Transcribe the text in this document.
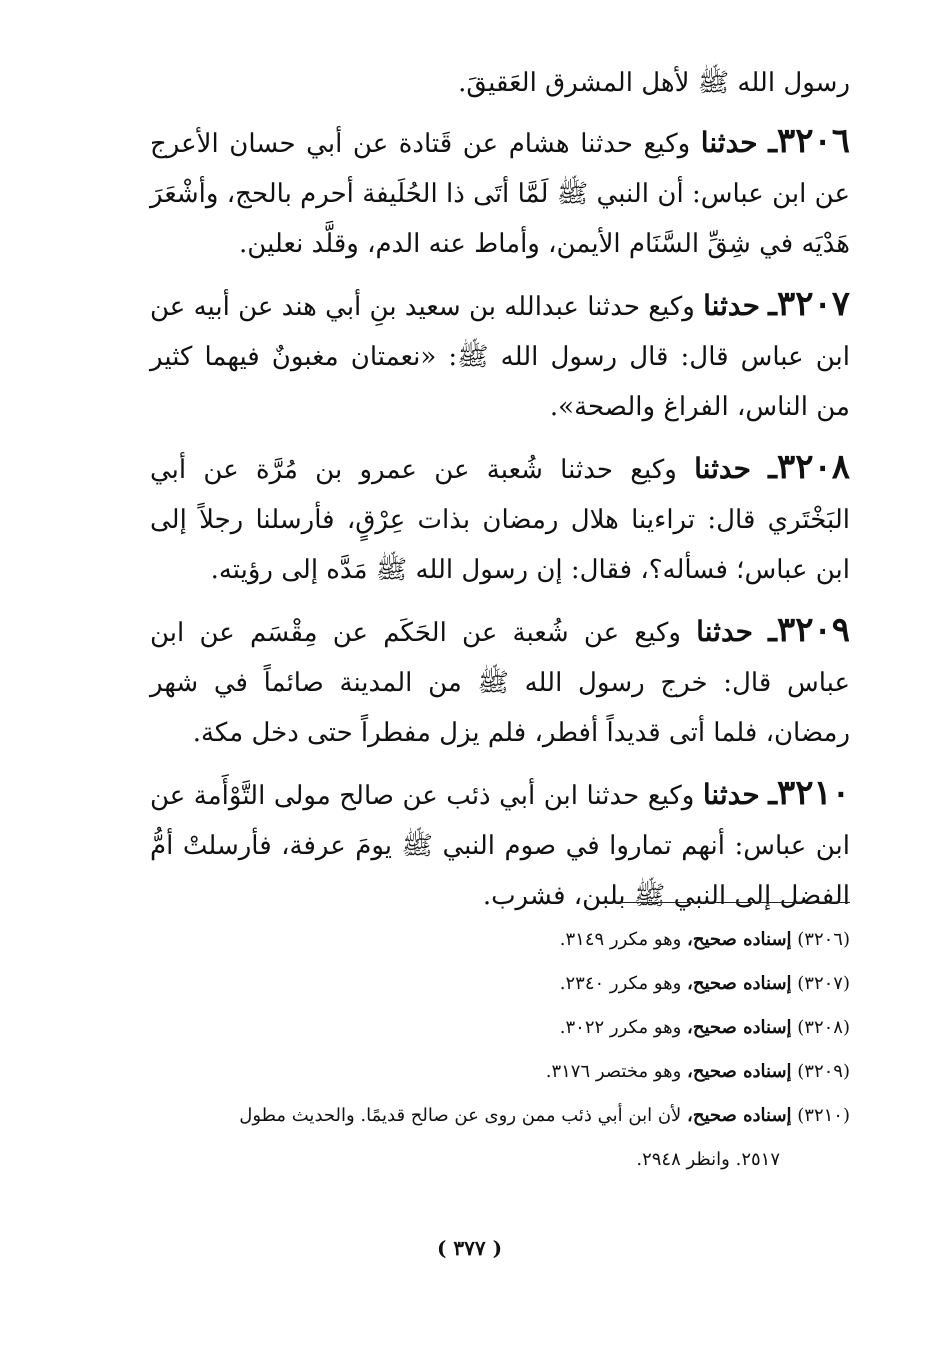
رسول الله ﷺ لأهل المشرق العَقيقَ.

٣٢٠٦ـ حدثنا وكيع حدثنا هشام عن قَتادة عن أبي حسان الأعرج عن ابن عباس: أن النبي ﷺ لَمَّا أتَى ذا الحُلَيفة أحرم بالحج، وأشْعَرَ هَدْيَه في شِقِّ السَّنَام الأيمن، وأماط عنه الدم، وقلَّد نعلين.

٣٢٠٧ـ حدثنا وكيع حدثنا عبدالله بن سعيد بنِ أبي هند عن أبيه عن ابن عباس قال: قال رسول الله ﷺ: «نعمتان مغبونٌ فيهما كثير من الناس، الفراغ والصحة».

٣٢٠٨ـ حدثنا وكيع حدثنا شُعبة عن عمرو بن مُرَّة عن أبي البَخْتَري قال: تراءينا هلال رمضان بذات عِرْقٍ، فأرسلنا رجلاً إلى ابن عباس؛ فسأله؟، فقال: إن رسول الله ﷺ مَدَّه إلى رؤيته.

٣٢٠٩ـ حدثنا وكيع عن شُعبة عن الحَكَم عن مِقْسَم عن ابن عباس قال: خرج رسول الله ﷺ من المدينة صائماً في شهر رمضان، فلما أتى قديداً أفطر، فلم يزل مفطراً حتى دخل مكة.

٣٢١٠ـ حدثنا وكيع حدثنا ابن أبي ذئب عن صالح مولى التَّوْأَمة عن ابن عباس: أنهم تماروا في صوم النبي ﷺ يومَ عرفة، فأرسلتْ أمُّ الفضل إلى النبي ﷺ بلبن، فشرب.

(٣٢٠٦) إسناده صحيح، وهو مكرر ٣١٤٩.

(٣٢٠٧) إسناده صحيح، وهو مكرر ٢٣٤٠.

(٣٢٠٨) إسناده صحيح، وهو مكرر ٣٠٢٢.

(٣٢٠٩) إسناده صحيح، وهو مختصر ٣١٧٦.

(٣٢١٠) إسناده صحيح، لأن ابن أبي ذئب ممن روى عن صالح قديمًا. والحديث مطول

٢٥١٧. وانظر ٢٩٤٨.

( ٣٧٧ )
